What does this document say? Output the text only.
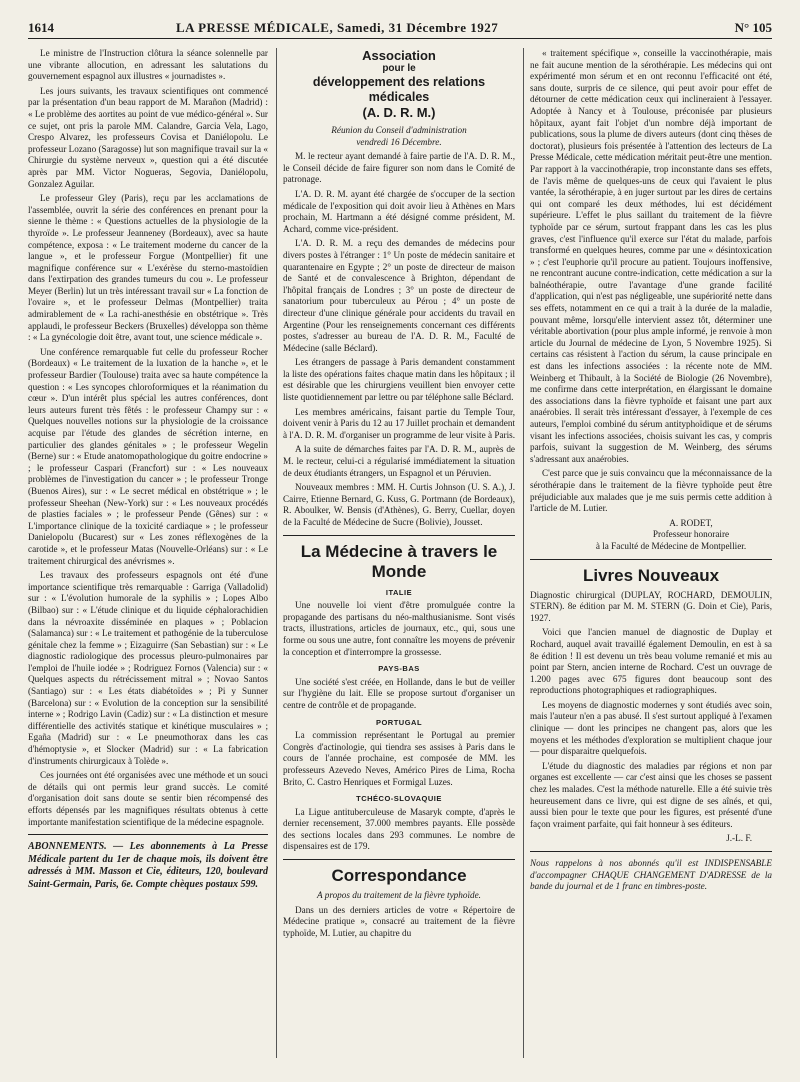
1614	LA PRESSE MÉDICALE, Samedi, 31 Décembre 1927	N° 105

Le ministre de l'Instruction clôtura la séance solennelle par une vibrante allocution, en adressant les salutations du gouvernement espagnol aux illustres « journadistes ».

Les jours suivants, les travaux scientifiques ont commencé par la présentation d'un beau rapport de M. Marañon (Madrid) : « Le problème des aortites au point de vue médico-général ». Sur ce sujet, ont pris la parole MM. Calandre, Garcia Vela, Lago, Crespo Alvarez, les professeurs Covisa et Daniélopolu. Le professeur Lozano (Saragosse) lut son magnifique travail sur la « Chirurgie du système nerveux », question qui a été discutée après par MM. Victor Nogueras, Segovia, Daniélopolu, Gonzalez Aguilar.

Le professeur Gley (Paris), reçu par les acclamations de l'assemblée, ouvrit la série des conférences en prenant pour la sienne le thème : « Questions actuelles de la physiologie de la thyroïde ». Le professeur Jeanneney (Bordeaux), avec sa haute compétence, exposa : « Le traitement moderne du cancer de la langue », et le professeur Forgue (Montpellier) fit une magnifique conférence sur « L'exérèse du sterno-mastoïdien dans l'extirpation des grandes tumeurs du cou ». Le professeur Meyer (Berlin) lut un très intéressant travail sur « La fonction de l'ovaire », et le professeur Delmas (Montpellier) traita admirablement de « La rachi-anesthésie en obstétrique ». Très applaudi, le professeur Beckers (Bruxelles) développa son thème : « La gynécologie doit être, avant tout, une science médicale ».

Une conférence remarquable fut celle du professeur Rocher (Bordeaux) « Le traitement de la luxation de la hanche », et le professeur Bardier (Toulouse) traita avec sa haute compétence la question : « Les syncopes chloroformiques et la réanimation du cœur ». D'un intérêt plus spécial les autres conférences, dont leurs auteurs furent très fêtés : le professeur Champy sur : « Quelques nouvelles notions sur la physiologie de la croissance acquise par l'étude des glandes de sécrétion interne, en particulier des glandes génitales » ; le professeur Wegelin (Berne) sur : « Etude anatomopathologique du goitre endocrine » ; le professeur Caspari (Francfort) sur : « Les nouveaux problèmes de l'investigation du cancer » ; le professeur Tronge (Buenos Aires), sur : « Le secret médical en obstétrique » ; le professeur Sheehan (New-York) sur : « Les nouveaux procédés de plasties faciales » ; le professeur Pende (Gênes) sur : « L'importance clinique de la toxicité cardiaque » ; le professeur Danielopolu (Bucarest) sur « Les zones réflexogènes de la carotide », et le professeur Matas (Nouvelle-Orléans) sur : « Le traitement chirurgical des anévrismes ».

Les travaux des professeurs espagnols ont été d'une importance scientifique très remarquable : Garriga (Valladolid) sur : « L'évolution humorale de la syphilis » ; Lopes Albo (Bilbao) sur : « L'étude clinique et du liquide céphalorachidien dans la névroaxite disséminée en plaques » ; Poblacion (Salamanca) sur : « Le traitement et pathogénie de la tuberculose génitale chez la femme » ; Eizaguirre (San Sebastian) sur : « Le diagnostic radiologique des processus pleuro-pulmonaires par l'emploi de l'huile iodée » ; Rodriguez Fornos (Valencia) sur : « Quelques aspects du rétrécissement mitral » ; Novao Santos (Santiago) sur : « Les états diabétoïdes » ; Pi y Sunner (Barcelona) sur : « Evolution de la conception sur la sensibilité interne » ; Rodrigo Lavin (Cadiz) sur : « La distinction et mesure différentielle des activités statique et kinétique musculaires » ; Egaña (Madrid) sur : « Le pneumothorax dans les cas d'hémoptysie », et Slocker (Madrid) sur : « La fabrication d'instruments chirurgicaux à Tolède ».

Ces journées ont été organisées avec une méthode et un souci de détails qui ont permis leur grand succès. Le comité d'organisation doit sans doute se sentir bien récompensé des efforts dépensés par les magnifiques résultats obtenus à cette importante manifestation scientifique de la médecine espagnole.

ABONNEMENTS. — Les abonnements à La Presse Médicale partent du 1er de chaque mois, ils doivent être adressés à MM. Masson et Cie, éditeurs, 120, boulevard Saint-Germain, Paris, 6e. Compte chèques postaux 599.

Association
pour le
développement des relations médicales
(A. D. R. M.)
Réunion du Conseil d'administration
vendredi 16 Décembre.

M. le recteur ayant demandé à faire partie de l'A. D. R. M., le Conseil décide de faire figurer son nom dans le Comité de patronage.

L'A. D. R. M. ayant été chargée de s'occuper de la section médicale de l'exposition qui doit avoir lieu à Athènes en Mars prochain, M. Hartmann a été désigné comme président, M. Achard, comme vice-président.

L'A. D. R. M. a reçu des demandes de médecins pour divers postes à l'étranger : 1° Un poste de médecin sanitaire et quarantenaire en Egypte ; 2° un poste de directeur de maison de Santé et de convalescence à Brighton, dépendant de l'hôpital français de Londres ; 3° un poste de directeur de sanatorium pour tuberculeux au Pérou ; 4° un poste de directeur d'une clinique générale pour accidents du travail en Argentine (Pour les renseignements concernant ces différents postes, s'adresser au bureau de l'A. D. R. M., Faculté de Médecine (salle Béclard).

Les étrangers de passage à Paris demandent constamment la liste des opérations faites chaque matin dans les hôpitaux ; il est désirable que les chirurgiens veuillent bien envoyer cette liste quotidiennement par lettre ou par téléphone salle Béclard.

Les membres américains, faisant partie du Temple Tour, doivent venir à Paris du 12 au 17 Juillet prochain et demandent à l'A. D. R. M. d'organiser un programme de leur visite à Paris.

A la suite de démarches faites par l'A. D. R. M., auprès de M. le recteur, celui-ci a régularisé immédiatement la situation de deux étudiants étrangers, un Espagnol et un Péruvien.

Nouveaux membres : MM. H. Curtis Johnson (U. S. A.), J. Cairre, Etienne Bernard, G. Kuss, G. Portmann (de Bordeaux), R. Aboulker, W. Bensis (d'Athènes), G. Berry, Cuellar, doyen de la Faculté de Médecine de Sucre (Bolivie), Jousset.

La Médecine à travers le Monde
ITALIE

Une nouvelle loi vient d'être promulguée contre la propagande des partisans du néo-malthusianisme. Sont visés tracts, illustrations, articles de journaux, etc., qui, sous une forme ou sous une autre, font connaître les moyens de prévenir la conception et d'interrompre la grossesse.

PAYS-BAS

Une société s'est créée, en Hollande, dans le but de veiller sur l'hygiène du lait. Elle se propose surtout d'organiser un centre de contrôle et de propagande.

PORTUGAL

La commission représentant le Portugal au premier Congrès d'actinologie, qui tiendra ses assises à Paris dans le cours de l'année prochaine, est composée de MM. les professeurs Azevedo Neves, Américo Pires de Lima, Rocha Brito, C. Castro Henriques et Formigal Luzes.

TCHÉCO-SLOVAQUIE

La Ligue antituberculeuse de Masaryk compte, d'après le dernier recensement, 37.000 membres payants. Elle possède des sections locales dans 293 communes. Le nombre de dispensaires est de 179.

Correspondance
A propos du traitement de la fièvre typhoïde.

Dans un des derniers articles de votre « Répertoire de Médecine pratique », consacré au traitement de la fièvre typhoïde, M. Lutier, au chapitre du

« traitement spécifique », conseille la vaccinothérapie, mais ne fait aucune mention de la sérothérapie. Les médecins qui ont expérimenté mon sérum et en ont reconnu l'efficacité ont été, sans doute, surpris de ce silence, qui peut avoir pour effet de détourner de cette médication ceux qui inclineraient à l'essayer. Adoptée à Nancy et à Toulouse, préconisée par plusieurs hôpitaux, ayant fait l'objet d'un nombre déjà important de publications, sous la plume de divers auteurs (dont cinq thèses de doctorat), plusieurs fois présentée à l'attention des lecteurs de La Presse Médicale, cette médication méritait peut-être une mention. Par rapport à la vaccinothérapie, trop inconstante dans ses effets, de l'avis même de quelques-uns de ceux qui l'avaient le plus vantée, la sérothérapie, à en juger surtout par les dires de certains qui ont comparé les deux méthodes, lui est décidément supérieure. L'effet le plus saillant du traitement de la fièvre typhoïde par ce sérum, surtout frappant dans les cas les plus graves, c'est l'influence qu'il exerce sur l'état du malade, parfois transformé en quelques heures, comme par une « désintoxication » ; c'est l'euphorie qu'il procure au patient. Toujours inoffensive, ne rencontrant aucune contre-indication, cette médication a sur la balnéothérapie, outre l'avantage d'une grande facilité d'application, qui n'est pas négligeable, une supériorité nette dans ses effets, notamment en ce qui a trait à la durée de la maladie, pouvant même, lorsqu'elle intervient assez tôt, déterminer une véritable abortivation (pour plus ample informé, je renvoie à mon article du Journal de médecine de Lyon, 5 Novembre 1925). Si certains cas résistent à l'action du sérum, la cause principale en est dans les infections associées : la récente note de MM. Weinberg et Thibault, à la Société de Biologie (26 Novembre), me confirme dans cette interprétation, en élargissant le domaine des associations dans la fièvre typhoïde et faisant une part aux anaérobies. Il serait très intéressant d'essayer, à l'exemple de ces auteurs, l'emploi combiné du sérum antityphoïdique et de sérums visant les infections associées, choisis suivant les cas, y compris parfois, suivant la suggestion de M. Weinberg, des sérums s'adressant aux anaérobies.

C'est parce que je suis convaincu que la méconnaissance de la sérothérapie dans le traitement de la fièvre typhoïde peut être préjudiciable aux malades que je me suis permis cette addition à l'article de M. Lutier.

A. RODET,
Professeur honoraire
à la Faculté de Médecine de Montpellier.
Livres Nouveaux

Diagnostic chirurgical (DUPLAY, ROCHARD, DEMOULIN, STERN). 8e édition par M. M. STERN (G. Doin et Cie), Paris, 1927.

Voici que l'ancien manuel de diagnostic de Duplay et Rochard, auquel avait travaillé également Demoulin, en est à sa 8e édition ! Il est devenu un très beau volume remanié et mis au point par Stern, ancien interne de Rochard. C'est un ouvrage de 1.200 pages avec 675 figures dont beaucoup sont des reproductions photographiques et radiographiques.

Les moyens de diagnostic modernes y sont étudiés avec soin, mais l'auteur n'en a pas abusé. Il s'est surtout appliqué à l'examen clinique — dont les principes ne changent pas, alors que les moyens et les méthodes d'exploration se multiplient chaque jour — pour disparaitre quelquefois.

L'étude du diagnostic des maladies par régions et non par organes est excellente — car c'est ainsi que les choses se passent chez les malades. C'est la méthode naturelle. Elle a été suivie très heureusement dans ce livre, qui est digne de ses aînés, et qui, aussi bien pour le texte que pour les figures, est présenté d'une façon vraiment parfaite, qui fait honneur à ses éditeurs.

J.-L. F.

Nous rappelons à nos abonnés qu'il est INDISPENSABLE d'accompagner CHAQUE CHANGEMENT D'ADRESSE de la bande du journal et de 1 franc en timbres-poste.
